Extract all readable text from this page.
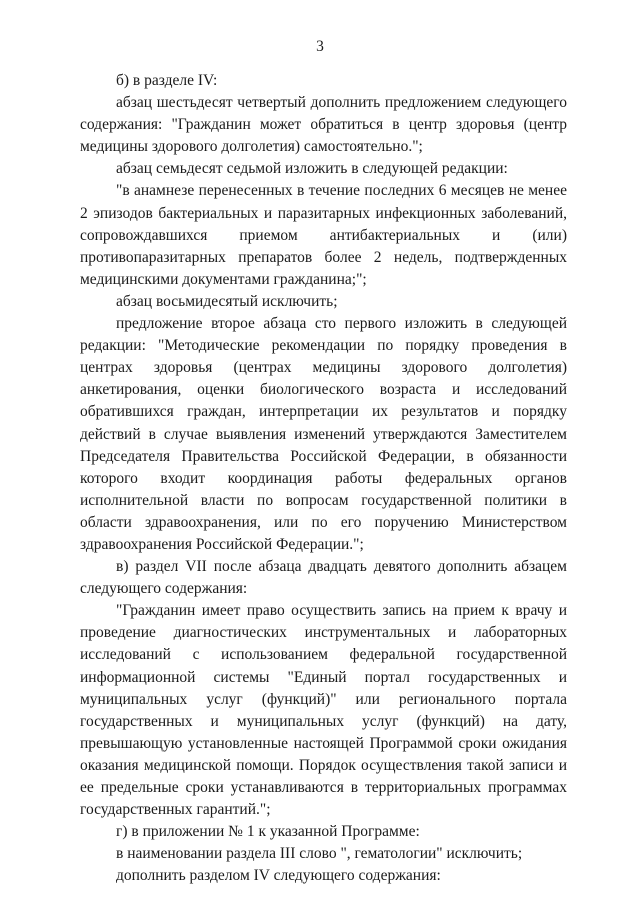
3

б) в разделе IV:

абзац шестьдесят четвертый дополнить предложением следующего содержания: "Гражданин может обратиться в центр здоровья (центр медицины здорового долголетия) самостоятельно.";

абзац семьдесят седьмой изложить в следующей редакции:

"в анамнезе перенесенных в течение последних 6 месяцев не менее 2 эпизодов бактериальных и паразитарных инфекционных заболеваний, сопровождавшихся приемом антибактериальных и (или) противопаразитарных препаратов более 2 недель, подтвержденных медицинскими документами гражданина;";

абзац восьмидесятый исключить;

предложение второе абзаца сто первого изложить в следующей редакции: "Методические рекомендации по порядку проведения в центрах здоровья (центрах медицины здорового долголетия) анкетирования, оценки биологического возраста и исследований обратившихся граждан, интерпретации их результатов и порядку действий в случае выявления изменений утверждаются Заместителем Председателя Правительства Российской Федерации, в обязанности которого входит координация работы федеральных органов исполнительной власти по вопросам государственной политики в области здравоохранения, или по его поручению Министерством здравоохранения Российской Федерации.";

в) раздел VII после абзаца двадцать девятого дополнить абзацем следующего содержания:

"Гражданин имеет право осуществить запись на прием к врачу и проведение диагностических инструментальных и лабораторных исследований с использованием федеральной государственной информационной системы "Единый портал государственных и муниципальных услуг (функций)" или регионального портала государственных и муниципальных услуг (функций) на дату, превышающую установленные настоящей Программой сроки ожидания оказания медицинской помощи. Порядок осуществления такой записи и ее предельные сроки устанавливаются в территориальных программах государственных гарантий.";

г) в приложении № 1 к указанной Программе:

в наименовании раздела III слово ", гематологии" исключить;

дополнить разделом IV следующего содержания:
